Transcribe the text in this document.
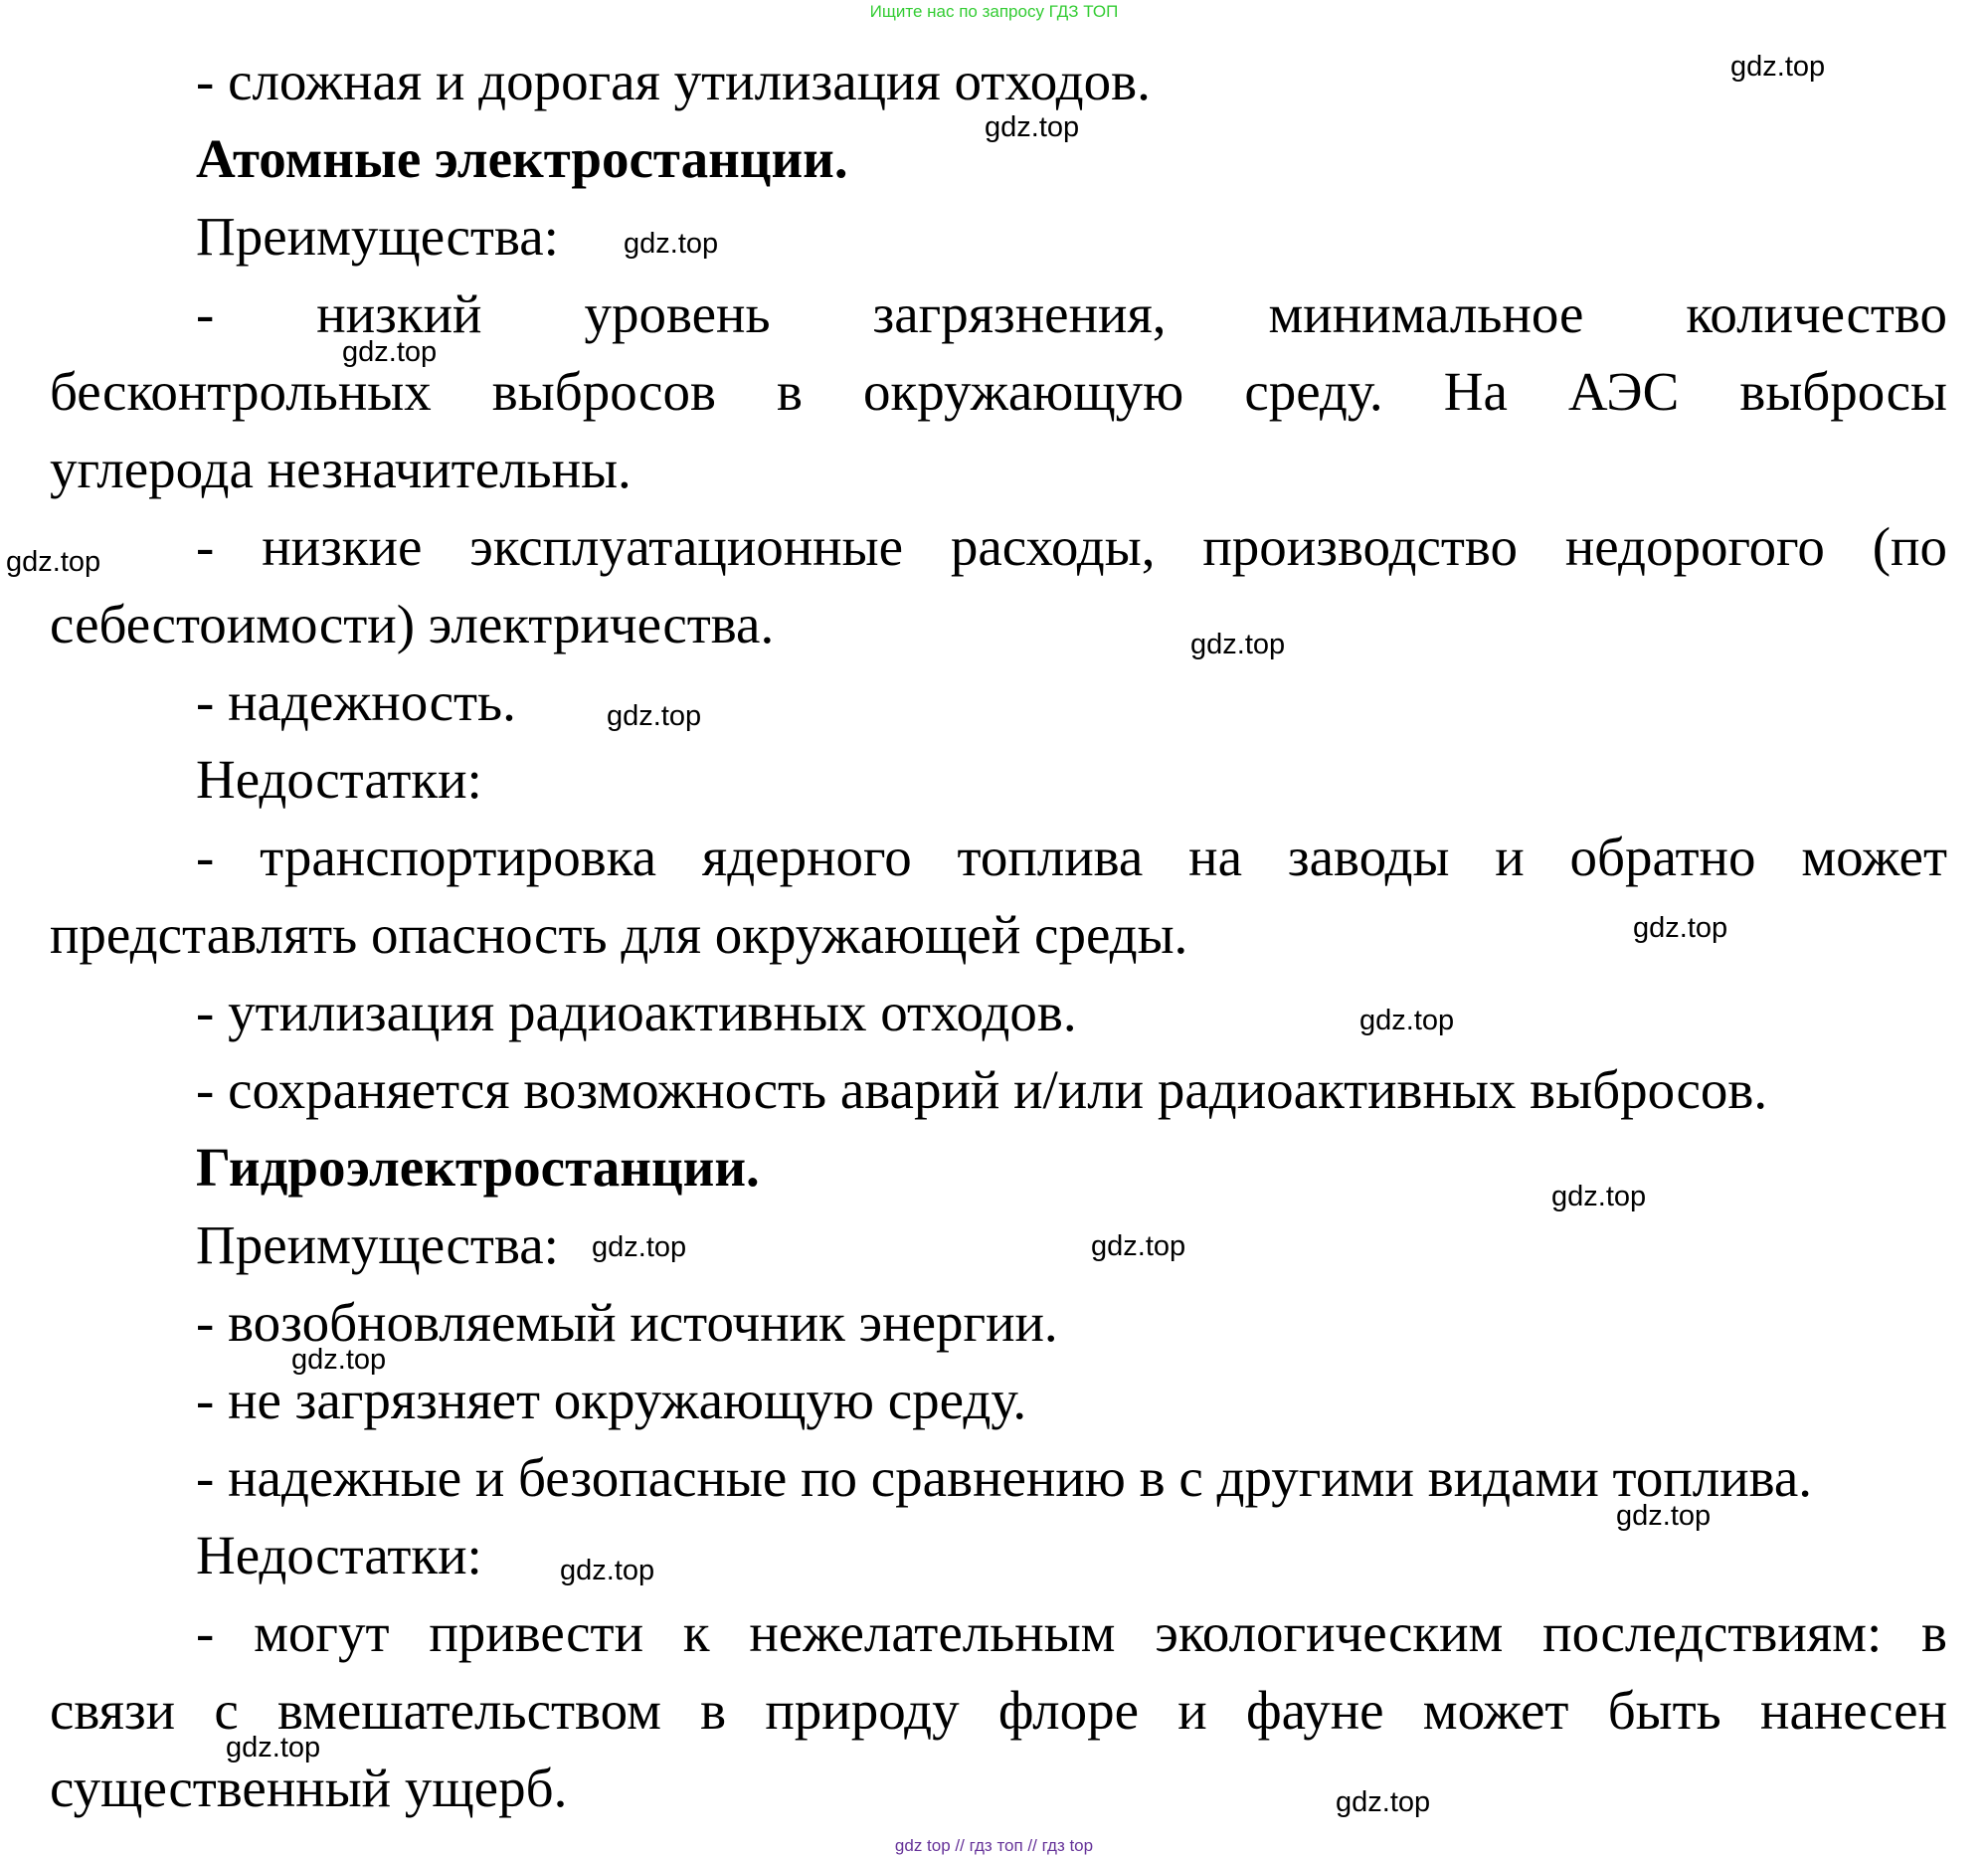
Ищите нас по запросу ГДЗ ТОП
- сложная и дорогая утилизация отходов.
Атомные электростанции.
Преимущества:
- низкий уровень загрязнения, минимальное количество
бесконтрольных выбросов в окружающую среду. На АЭС выбросы
углерода незначительны.
- низкие эксплуатационные расходы, производство недорогого (по
себестоимости) электричества.
- надежность.
Недостатки:
- транспортировка ядерного топлива на заводы и обратно может
представлять опасность для окружающей среды.
- утилизация радиоактивных отходов.
- сохраняется возможность аварий и/или радиоактивных выбросов.
Гидроэлектростанции.
Преимущества:
- возобновляемый источник энергии.
- не загрязняет окружающую среду.
- надежные и безопасные по сравнению в с другими видами топлива.
Недостатки:
- могут привести к нежелательным экологическим последствиям: в
связи с вмешательством в природу флоре и фауне может быть нанесен
существенный ущерб.
gdz.top
gdz.top
gdz.top
gdz.top
gdz.top
gdz.top
gdz.top
gdz.top
gdz.top
gdz.top
gdz.top
gdz.top
gdz.top
gdz.top
gdz.top
gdz.top
gdz.top
gdz top // гдз топ // гдз top
